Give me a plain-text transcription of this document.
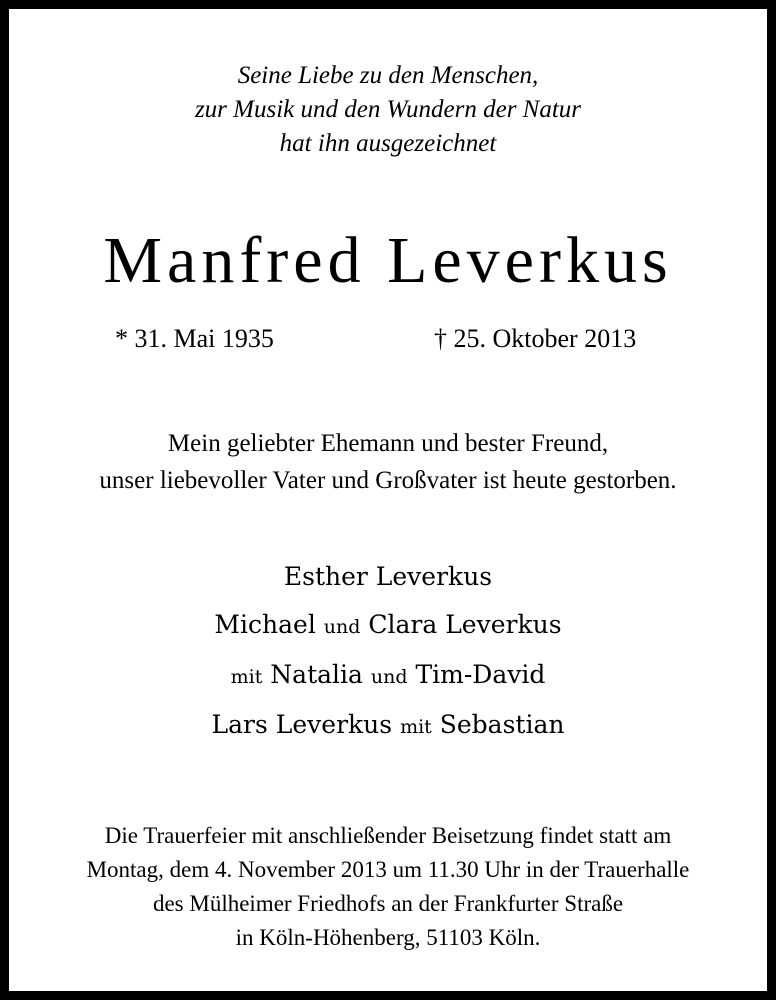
Seine Liebe zu den Menschen,
zur Musik und den Wundern der Natur
hat ihn ausgezeichnet
Manfred Leverkus
* 31. Mai 1935	† 25. Oktober 2013
Mein geliebter Ehemann und bester Freund,
unser liebevoller Vater und Großvater ist heute gestorben.
Esther Leverkus
Michael und Clara Leverkus
mit Natalia und Tim-David
Lars Leverkus mit Sebastian
Die Trauerfeier mit anschließender Beisetzung findet statt am
Montag, dem 4. November 2013 um 11.30 Uhr in der Trauerhalle
des Mülheimer Friedhofs an der Frankfurter Straße
in Köln-Höhenberg, 51103 Köln.
